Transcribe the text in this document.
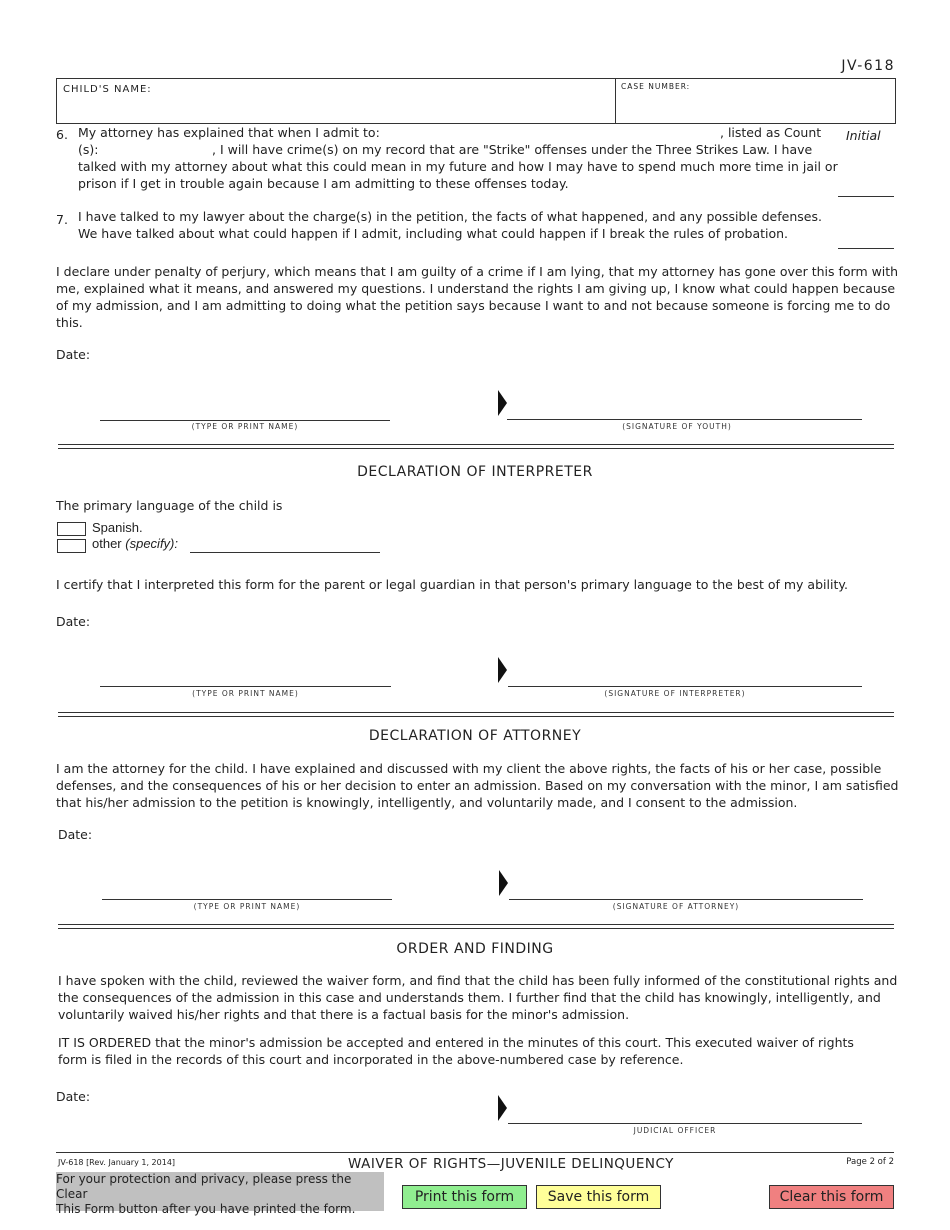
JV-618
CHILD'S NAME:	CASE NUMBER:
6. My attorney has explained that when I admit to:	, listed as Count
(s):	, I will have crime(s) on my record that are "Strike" offenses under the Three Strikes Law. I have
talked with my attorney about what this could mean in my future and how I may have to spend much more time in jail or
prison if I get in trouble again because I am admitting to these offenses today.
Initial
7. I have talked to my lawyer about the charge(s) in the petition, the facts of what happened, and any possible defenses.
We have talked about what could happen if I admit, including what could happen if I break the rules of probation.
I declare under penalty of perjury, which means that I am guilty of a crime if I am lying, that my attorney has gone over this form with
me, explained what it means, and answered my questions. I understand the rights I am giving up, I know what could happen because
of my admission, and I am admitting to doing what the petition says because I want to and not because someone is forcing me to do
this.
Date:
(TYPE OR PRINT NAME)	(SIGNATURE OF YOUTH)
DECLARATION OF INTERPRETER
The primary language of the child is
Spanish.
other (specify):
I certify that I interpreted this form for the parent or legal guardian in that person's primary language to the best of my ability.
Date:
(TYPE OR PRINT NAME)	(SIGNATURE OF INTERPRETER)
DECLARATION OF ATTORNEY
I am the attorney for the child. I have explained and discussed with my client the above rights, the facts of his or her case, possible
defenses, and the consequences of his or her decision to enter an admission. Based on my conversation with the minor, I am satisfied
that his/her admission to the petition is knowingly, intelligently, and voluntarily made, and I consent to the admission.
Date:
(TYPE OR PRINT NAME)	(SIGNATURE OF ATTORNEY)
ORDER AND FINDING
I have spoken with the child, reviewed the waiver form, and find that the child has been fully informed of the constitutional rights and
the consequences of the admission in this case and understands them. I further find that the child has knowingly, intelligently, and
voluntarily waived his/her rights and that there is a factual basis for the minor's admission.
IT IS ORDERED that the minor's admission be accepted and entered in the minutes of this court. This executed waiver of rights
form is filed in the records of this court and incorporated in the above-numbered case by reference.
Date:
JUDICIAL OFFICER
JV-618 [Rev. January 1, 2014]	WAIVER OF RIGHTS—JUVENILE DELINQUENCY	Page 2 of 2
For your protection and privacy, please press the Clear
This Form button after you have printed the form.
Print this form	Save this form	Clear this form
